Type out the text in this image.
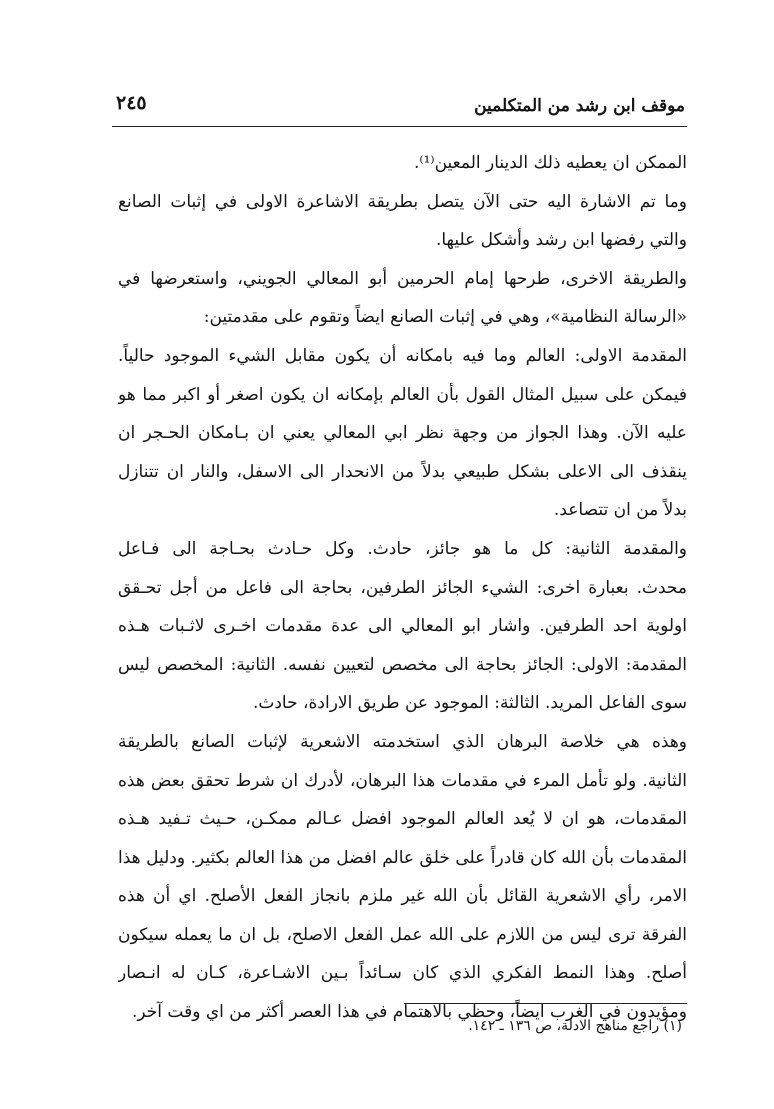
موقف ابن رشد من المتكلمين
٢٤٥
الممكن ان يعطيه ذلك الدينار المعين⁽¹⁾.
وما تم الاشارة اليه حتى الآن يتصل بطريقة الاشاعرة الاولى في إثبات الصانع
والتي رفضها ابن رشد وأشكل عليها.
والطريقة الاخرى، طرحها إمام الحرمين أبو المعالي الجويني، واستعرضها في
«الرسالة النظامية»، وهي في إثبات الصانع ايضاً وتقوم على مقدمتين:
المقدمة الاولى: العالم وما فيه بامكانه أن يكون مقابل الشيء الموجود حالياً.
فيمكن على سبيل المثال القول بأن العالم بإمكانه ان يكون اصغر أو اكبر مما هو
عليه الآن. وهذا الجواز من وجهة نظر ابي المعالي يعني ان بـامكان الحـجر ان
ينقذف الى الاعلى بشكل طبيعي بدلاً من الانحدار الى الاسفل، والنار ان تتنازل
بدلاً من ان تتصاعد.
والمقدمة الثانية: كل ما هو جائز، حادث. وكل حـادث بحـاجة الى فـاعل
محدث. بعبارة اخرى: الشيء الجائز الطرفين، بحاجة الى فاعل من أجل تحـقق
اولوية احد الطرفين. واشار ابو المعالي الى عدة مقدمات اخـرى لاثـبات هـذه
المقدمة: الاولى: الجائز بحاجة الى مخصص لتعيين نفسه. الثانية: المخصص ليس
سوى الفاعل المريد. الثالثة: الموجود عن طريق الارادة، حادث.
وهذه هي خلاصة البرهان الذي استخدمته الاشعرية لإثبات الصانع بالطريقة
الثانية. ولو تأمل المرء في مقدمات هذا البرهان، لأدرك ان شرط تحقق بعض هذه
المقدمات، هو ان لا يُعد العالم الموجود افضل عـالم ممكـن، حـيث تـفيد هـذه
المقدمات بأن الله كان قادراً على خلق عالم افضل من هذا العالم بكثير. ودليل هذا
الامر، رأي الاشعرية القائل بأن الله غير ملزم بانجاز الفعل الأصلح. اي أن هذه
الفرقة ترى ليس من اللازم على الله عمل الفعل الاصلح، بل ان ما يعمله سيكون
أصلح. وهذا النمط الفكري الذي كان سـائداً بـين الاشـاعرة، كـان له انـصار
ومؤيدون في الغرب ايضاً، وحظي بالاهتمام في هذا العصر أكثر من اي وقت آخر.
(١) راجع مناهج الادلة، ص ١٣٦ ـ ١٤٢.
